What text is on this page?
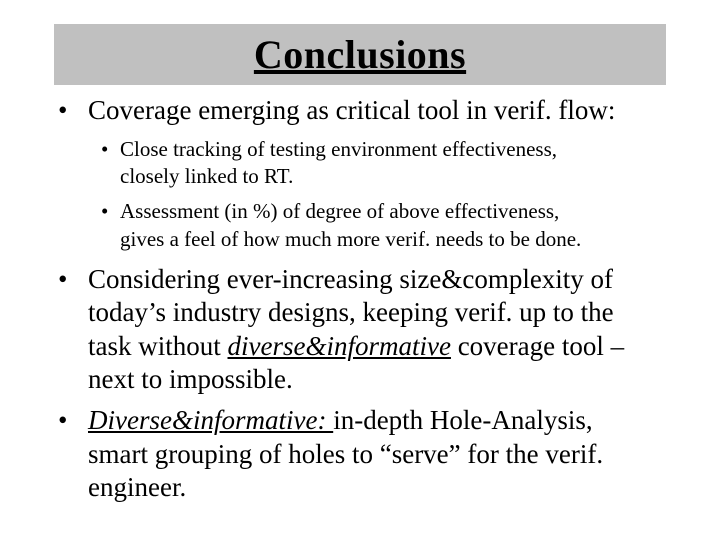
Conclusions
• Coverage emerging as critical tool in verif. flow:
• Close tracking of testing environment effectiveness,
closely linked to RT.
• Assessment (in %) of degree of above effectiveness,
gives a feel of how much more verif. needs to be done.
• Considering ever-increasing size&complexity of
today’s industry designs, keeping verif. up to the
task without diverse&informative coverage tool –
next to impossible.
• Diverse&informative: in-depth Hole-Analysis,
smart grouping of holes to “serve” for the verif.
engineer.
